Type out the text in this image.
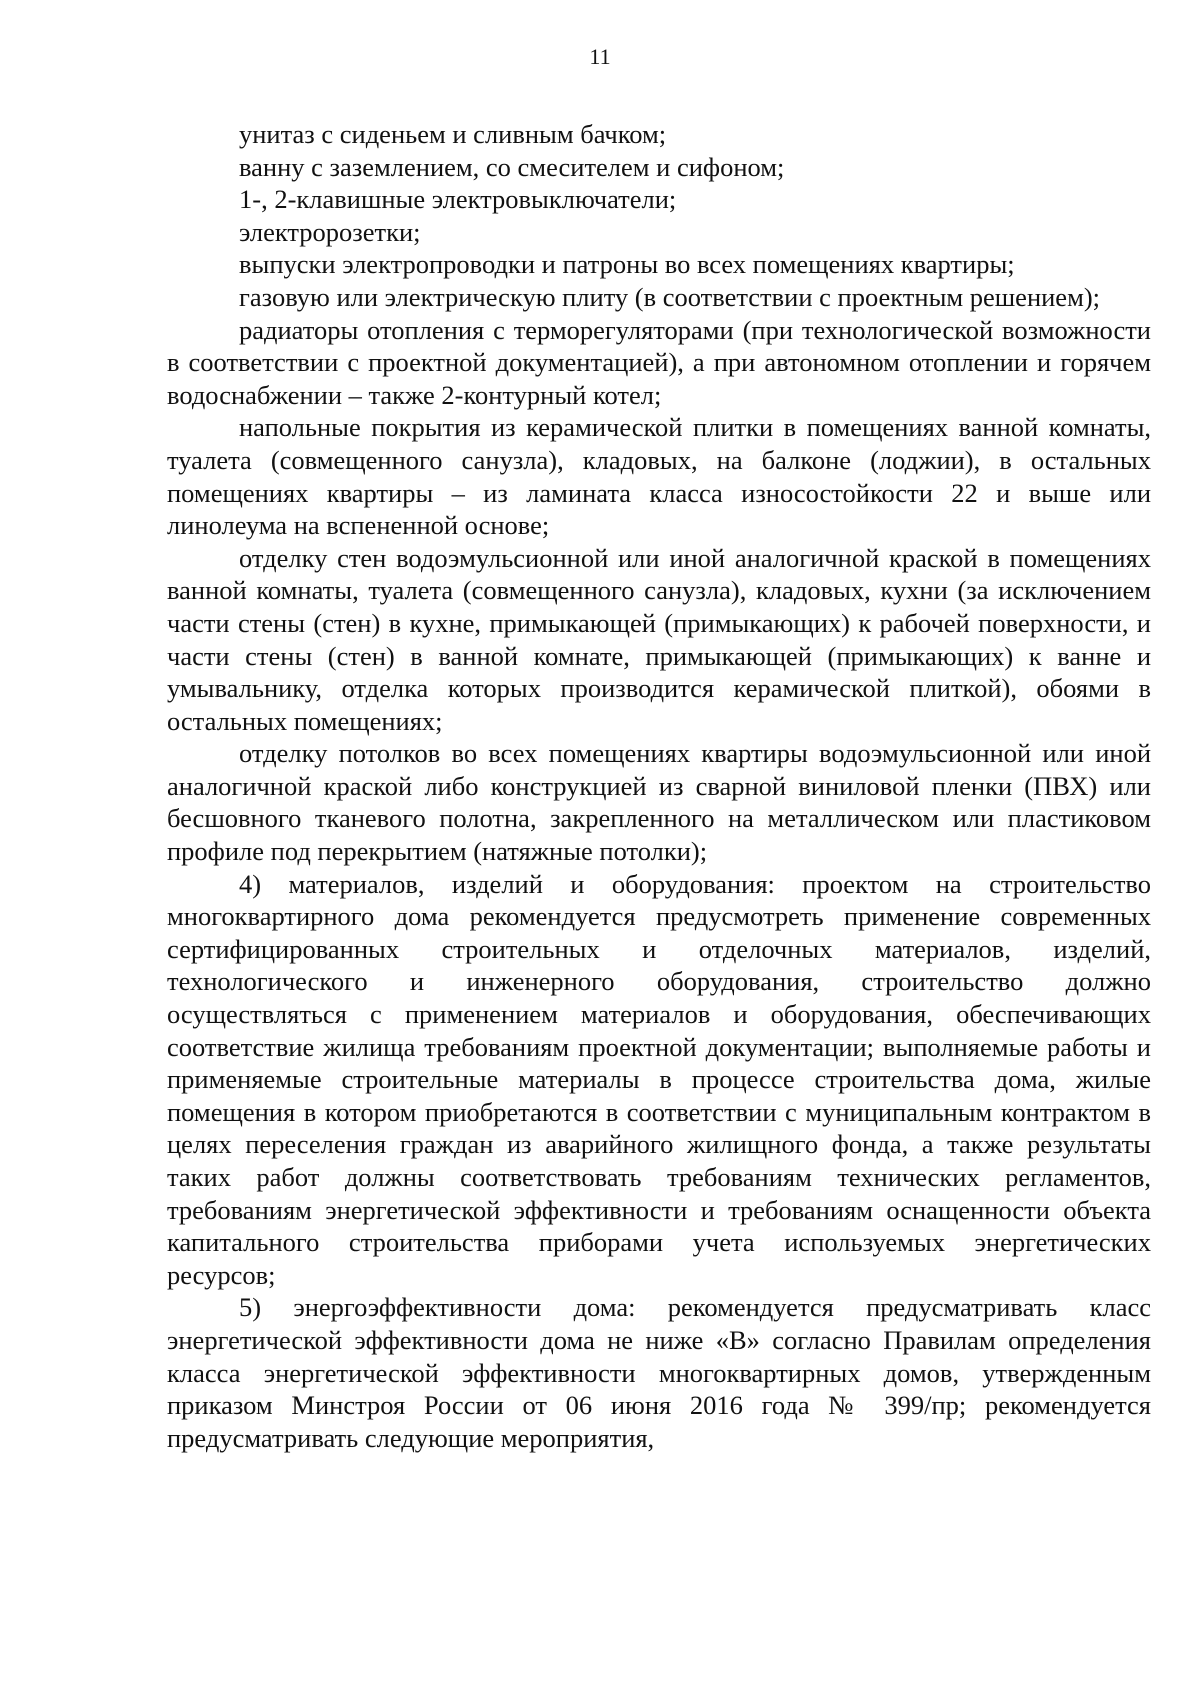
11

унитаз с сиденьем и сливным бачком;

ванну с заземлением, со смесителем и сифоном;

1-, 2-клавишные электровыключатели;

электророзетки;

выпуски электропроводки и патроны во всех помещениях квартиры;

газовую или электрическую плиту (в соответствии с проектным решением);

радиаторы отопления с терморегуляторами (при технологической возможности в соответствии с проектной документацией), а при автономном отоплении и горячем водоснабжении – также 2-контурный котел;

напольные покрытия из керамической плитки в помещениях ванной комнаты, туалета (совмещенного санузла), кладовых, на балконе (лоджии), в остальных помещениях квартиры – из ламината класса износостойкости 22 и выше или линолеума на вспененной основе;

отделку стен водоэмульсионной или иной аналогичной краской в помещениях ванной комнаты, туалета (совмещенного санузла), кладовых, кухни (за исключением части стены (стен) в кухне, примыкающей (примыкающих) к рабочей поверхности, и части стены (стен) в ванной комнате, примыкающей (примыкающих) к ванне и умывальнику, отделка которых производится керамической плиткой), обоями в остальных помещениях;

отделку потолков во всех помещениях квартиры водоэмульсионной или иной аналогичной краской либо конструкцией из сварной виниловой пленки (ПВХ) или бесшовного тканевого полотна, закрепленного на металлическом или пластиковом профиле под перекрытием (натяжные потолки);

4) материалов, изделий и оборудования: проектом на строительство многоквартирного дома рекомендуется предусмотреть применение современных сертифицированных строительных и отделочных материалов, изделий, технологического и инженерного оборудования, строительство должно осуществляться с применением материалов и оборудования, обеспечивающих соответствие жилища требованиям проектной документации; выполняемые работы и применяемые строительные материалы в процессе строительства дома, жилые помещения в котором приобретаются в соответствии с муниципальным контрактом в целях переселения граждан из аварийного жилищного фонда, а также результаты таких работ должны соответствовать требованиям технических регламентов, требованиям энергетической эффективности и требованиям оснащенности объекта капитального строительства приборами учета используемых энергетических ресурсов;

5) энергоэффективности дома: рекомендуется предусматривать класс энергетической эффективности дома не ниже «В» согласно Правилам определения класса энергетической эффективности многоквартирных домов, утвержденным приказом Минстроя России от 06 июня 2016 года № 399/пр; рекомендуется предусматривать следующие мероприятия,
